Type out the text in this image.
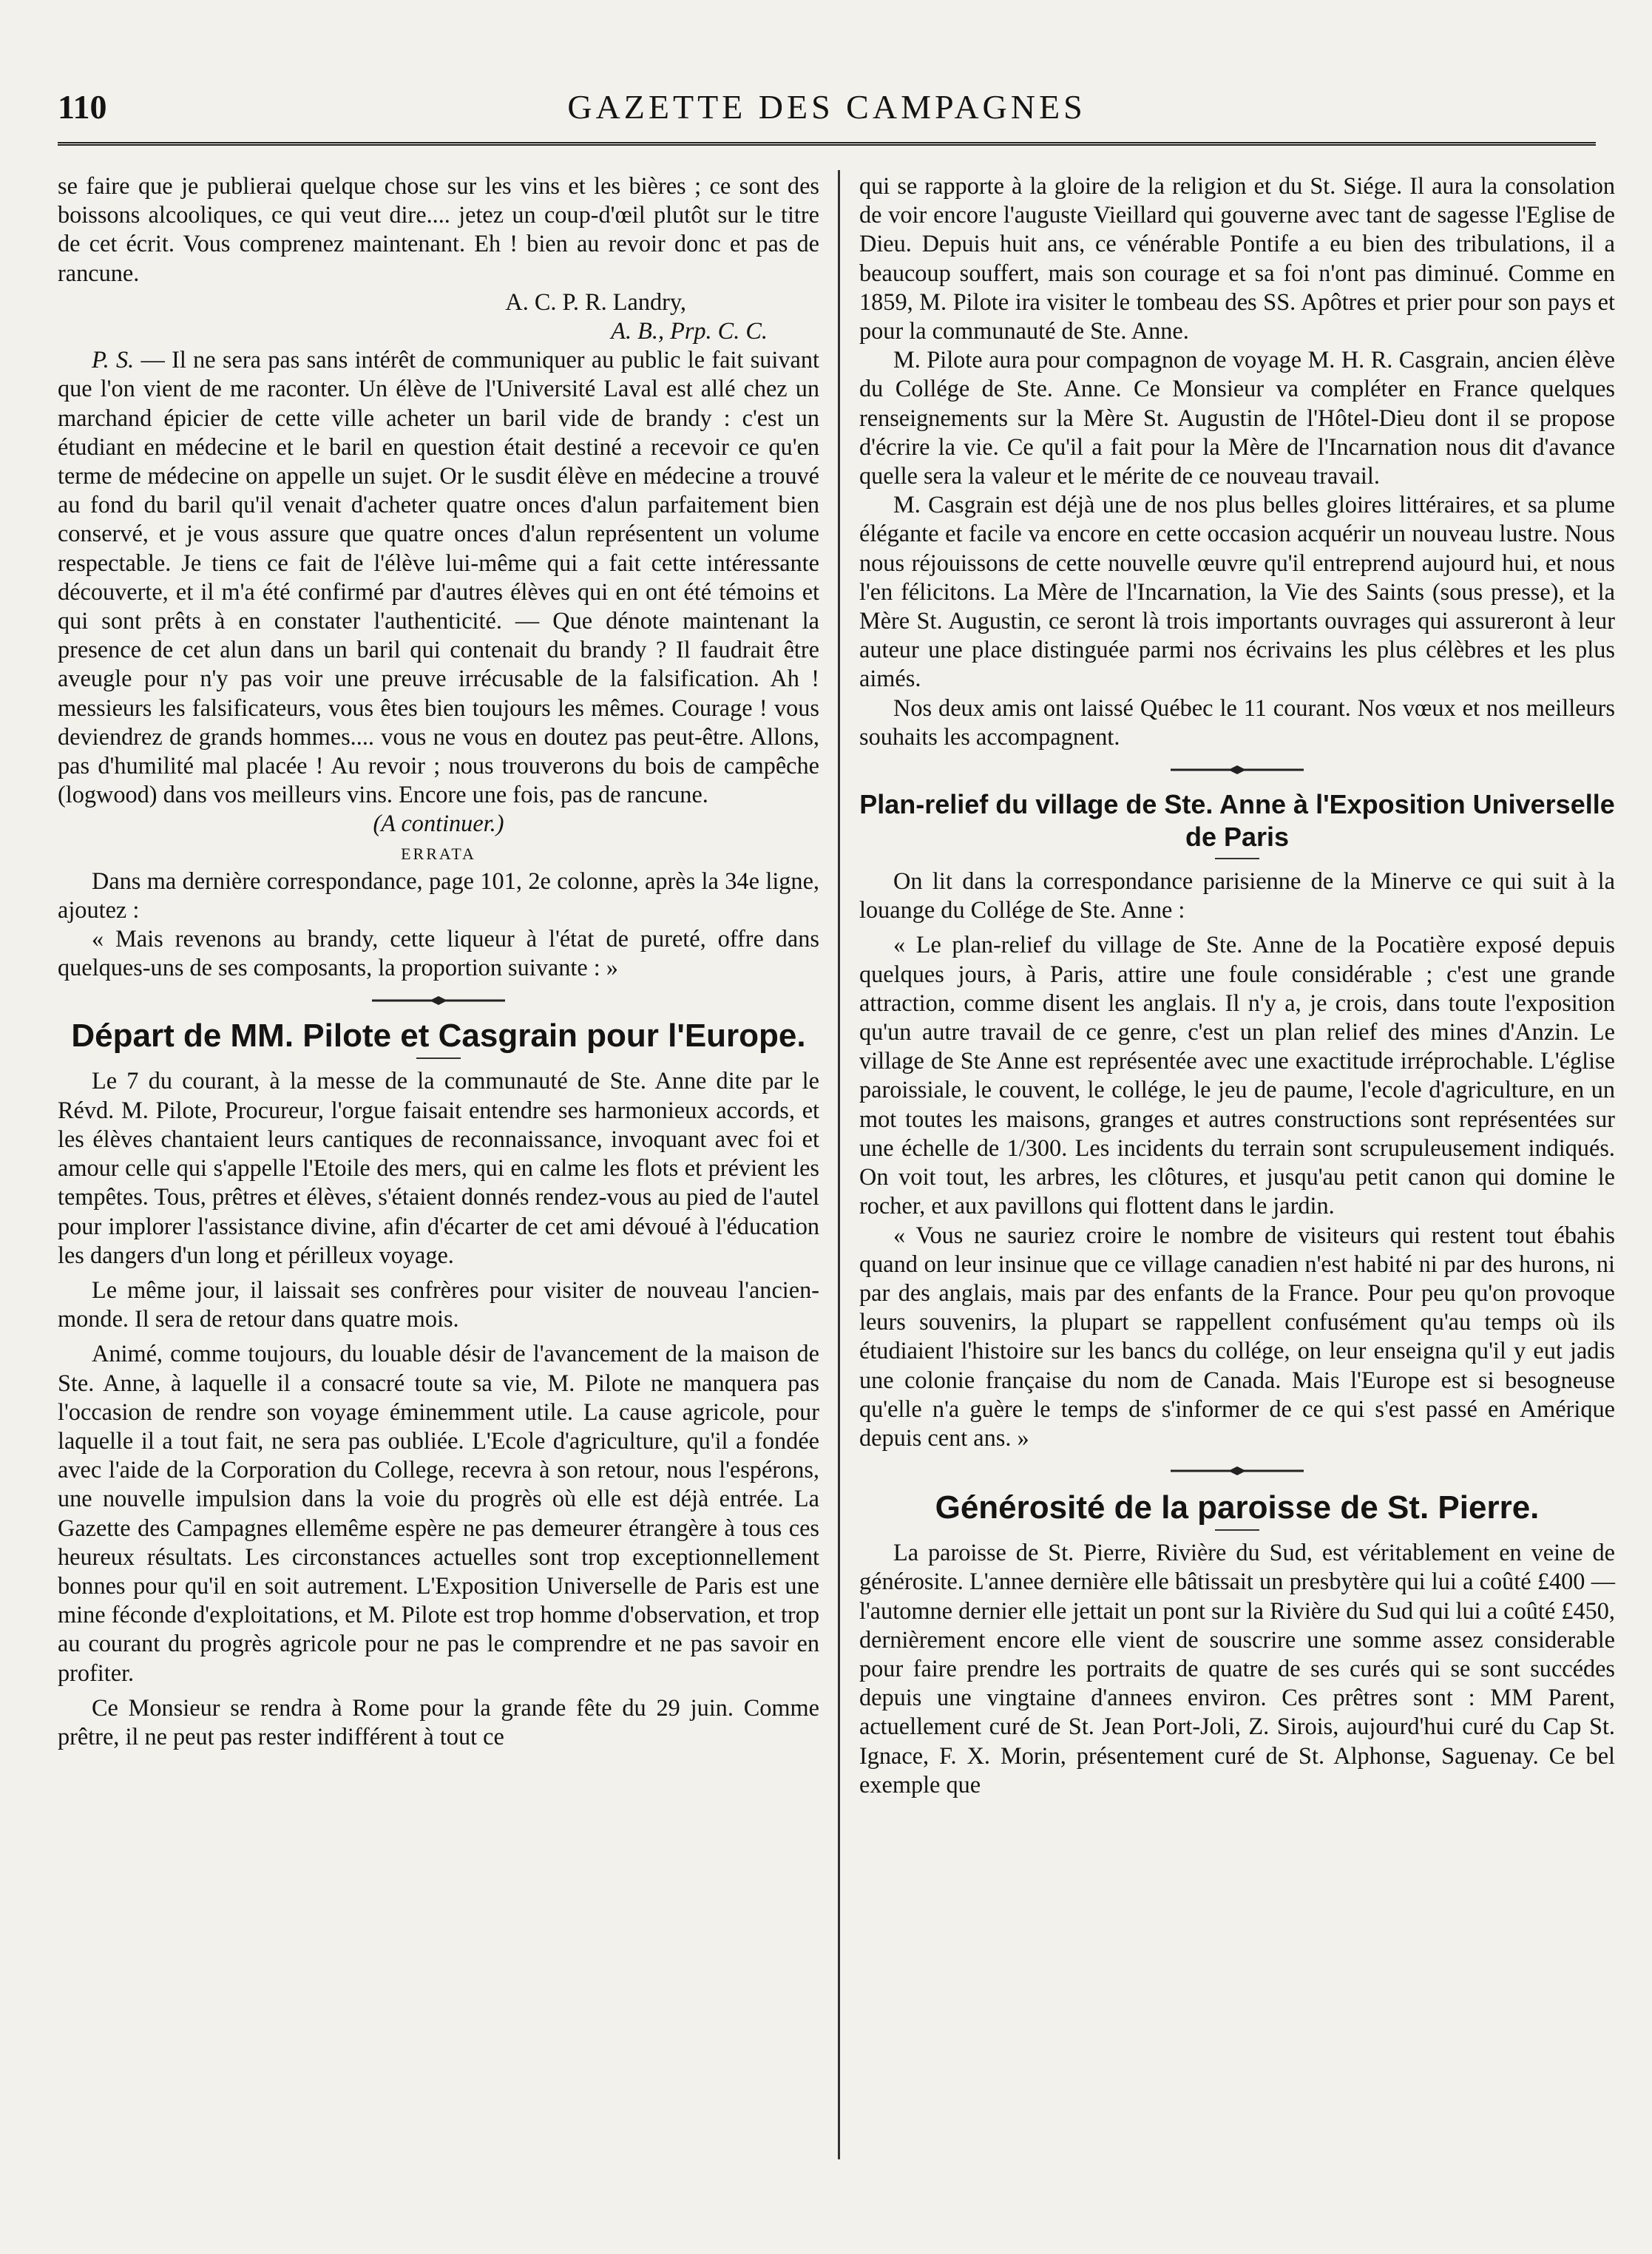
110	GAZETTE DES CAMPAGNES

se faire que je publierai quelque chose sur les vins et les bières ; ce sont des boissons alcooliques, ce qui veut dire.... jetez un coup-d'œil plutôt sur le titre de cet écrit. Vous comprenez maintenant. Eh ! bien au revoir donc et pas de rancune.

A. C. P. R. Landry,
A. B., Prp. C. C.

P. S. — Il ne sera pas sans intérêt de communiquer au public le fait suivant que l'on vient de me raconter. Un élève de l'Université Laval est allé chez un marchand épicier de cette ville acheter un baril vide de brandy : c'est un étudiant en médecine et le baril en question était destiné a recevoir ce qu'en terme de médecine on appelle un sujet. Or le susdit élève en médecine a trouvé au fond du baril qu'il venait d'acheter quatre onces d'alun parfaitement bien conservé, et je vous assure que quatre onces d'alun représentent un volume respectable. Je tiens ce fait de l'élève lui-même qui a fait cette intéressante découverte, et il m'a été confirmé par d'autres élèves qui en ont été témoins et qui sont prêts à en constater l'authenticité. — Que dénote maintenant la presence de cet alun dans un baril qui contenait du brandy ? Il faudrait être aveugle pour n'y pas voir une preuve irrécusable de la falsification. Ah ! messieurs les falsificateurs, vous êtes bien toujours les mêmes. Courage ! vous deviendrez de grands hommes.... vous ne vous en doutez pas peut-être. Allons, pas d'humilité mal placée ! Au revoir ; nous trouverons du bois de campêche (logwood) dans vos meilleurs vins. Encore une fois, pas de rancune.

(A continuer.)

ERRATA

Dans ma dernière correspondance, page 101, 2e colonne, après la 34e ligne, ajoutez :

« Mais revenons au brandy, cette liqueur à l'état de pureté, offre dans quelques-uns de ses composants, la proportion suivante : »

Départ de MM. Pilote et Casgrain pour l'Europe.

Le 7 du courant, à la messe de la communauté de Ste. Anne dite par le Révd. M. Pilote, Procureur, l'orgue faisait entendre ses harmonieux accords, et les élèves chantaient leurs cantiques de reconnaissance, invoquant avec foi et amour celle qui s'appelle l'Etoile des mers, qui en calme les flots et prévient les tempêtes. Tous, prêtres et élèves, s'étaient donnés rendez-vous au pied de l'autel pour implorer l'assistance divine, afin d'écarter de cet ami dévoué à l'éducation les dangers d'un long et périlleux voyage.

Le même jour, il laissait ses confrères pour visiter de nouveau l'ancien-monde. Il sera de retour dans quatre mois.

Animé, comme toujours, du louable désir de l'avancement de la maison de Ste. Anne, à laquelle il a consacré toute sa vie, M. Pilote ne manquera pas l'occasion de rendre son voyage éminemment utile. La cause agricole, pour laquelle il a tout fait, ne sera pas oubliée. L'Ecole d'agriculture, qu'il a fondée avec l'aide de la Corporation du College, recevra à son retour, nous l'espérons, une nouvelle impulsion dans la voie du progrès où elle est déjà entrée. La Gazette des Campagnes ellemême espère ne pas demeurer étrangère à tous ces heureux résultats. Les circonstances actuelles sont trop exceptionnellement bonnes pour qu'il en soit autrement. L'Exposition Universelle de Paris est une mine féconde d'exploitations, et M. Pilote est trop homme d'observation, et trop au courant du progrès agricole pour ne pas le comprendre et ne pas savoir en profiter.

Ce Monsieur se rendra à Rome pour la grande fête du 29 juin. Comme prêtre, il ne peut pas rester indifférent à tout ce

qui se rapporte à la gloire de la religion et du St. Siége. Il aura la consolation de voir encore l'auguste Vieillard qui gouverne avec tant de sagesse l'Eglise de Dieu. Depuis huit ans, ce vénérable Pontife a eu bien des tribulations, il a beaucoup souffert, mais son courage et sa foi n'ont pas diminué. Comme en 1859, M. Pilote ira visiter le tombeau des SS. Apôtres et prier pour son pays et pour la communauté de Ste. Anne.

M. Pilote aura pour compagnon de voyage M. H. R. Casgrain, ancien élève du Collége de Ste. Anne. Ce Monsieur va compléter en France quelques renseignements sur la Mère St. Augustin de l'Hôtel-Dieu dont il se propose d'écrire la vie. Ce qu'il a fait pour la Mère de l'Incarnation nous dit d'avance quelle sera la valeur et le mérite de ce nouveau travail.

M. Casgrain est déjà une de nos plus belles gloires littéraires, et sa plume élégante et facile va encore en cette occasion acquérir un nouveau lustre. Nous nous réjouissons de cette nouvelle œuvre qu'il entreprend aujourd hui, et nous l'en félicitons. La Mère de l'Incarnation, la Vie des Saints (sous presse), et la Mère St. Augustin, ce seront là trois importants ouvrages qui assureront à leur auteur une place distinguée parmi nos écrivains les plus célèbres et les plus aimés.

Nos deux amis ont laissé Québec le 11 courant. Nos vœux et nos meilleurs souhaits les accompagnent.

Plan-relief du village de Ste. Anne à l'Exposition Universelle de Paris

On lit dans la correspondance parisienne de la Minerve ce qui suit à la louange du Collége de Ste. Anne :

« Le plan-relief du village de Ste. Anne de la Pocatière exposé depuis quelques jours, à Paris, attire une foule considérable ; c'est une grande attraction, comme disent les anglais. Il n'y a, je crois, dans toute l'exposition qu'un autre travail de ce genre, c'est un plan relief des mines d'Anzin. Le village de Ste Anne est représentée avec une exactitude irréprochable. L'église paroissiale, le couvent, le collége, le jeu de paume, l'ecole d'agriculture, en un mot toutes les maisons, granges et autres constructions sont représentées sur une échelle de 1/300. Les incidents du terrain sont scrupuleusement indiqués. On voit tout, les arbres, les clôtures, et jusqu'au petit canon qui domine le rocher, et aux pavillons qui flottent dans le jardin.

« Vous ne sauriez croire le nombre de visiteurs qui restent tout ébahis quand on leur insinue que ce village canadien n'est habité ni par des hurons, ni par des anglais, mais par des enfants de la France. Pour peu qu'on provoque leurs souvenirs, la plupart se rappellent confusément qu'au temps où ils étudiaient l'histoire sur les bancs du collége, on leur enseigna qu'il y eut jadis une colonie française du nom de Canada. Mais l'Europe est si besogneuse qu'elle n'a guère le temps de s'informer de ce qui s'est passé en Amérique depuis cent ans. »

Générosité de la paroisse de St. Pierre.

La paroisse de St. Pierre, Rivière du Sud, est véritablement en veine de générosite. L'annee dernière elle bâtissait un presbytère qui lui a coûté £400 — l'automne dernier elle jettait un pont sur la Rivière du Sud qui lui a coûté £450, dernièrement encore elle vient de souscrire une somme assez considerable pour faire prendre les portraits de quatre de ses curés qui se sont succédes depuis une vingtaine d'annees environ. Ces prêtres sont : MM Parent, actuellement curé de St. Jean Port-Joli, Z. Sirois, aujourd'hui curé du Cap St. Ignace, F. X. Morin, présentement curé de St. Alphonse, Saguenay. Ce bel exemple que
